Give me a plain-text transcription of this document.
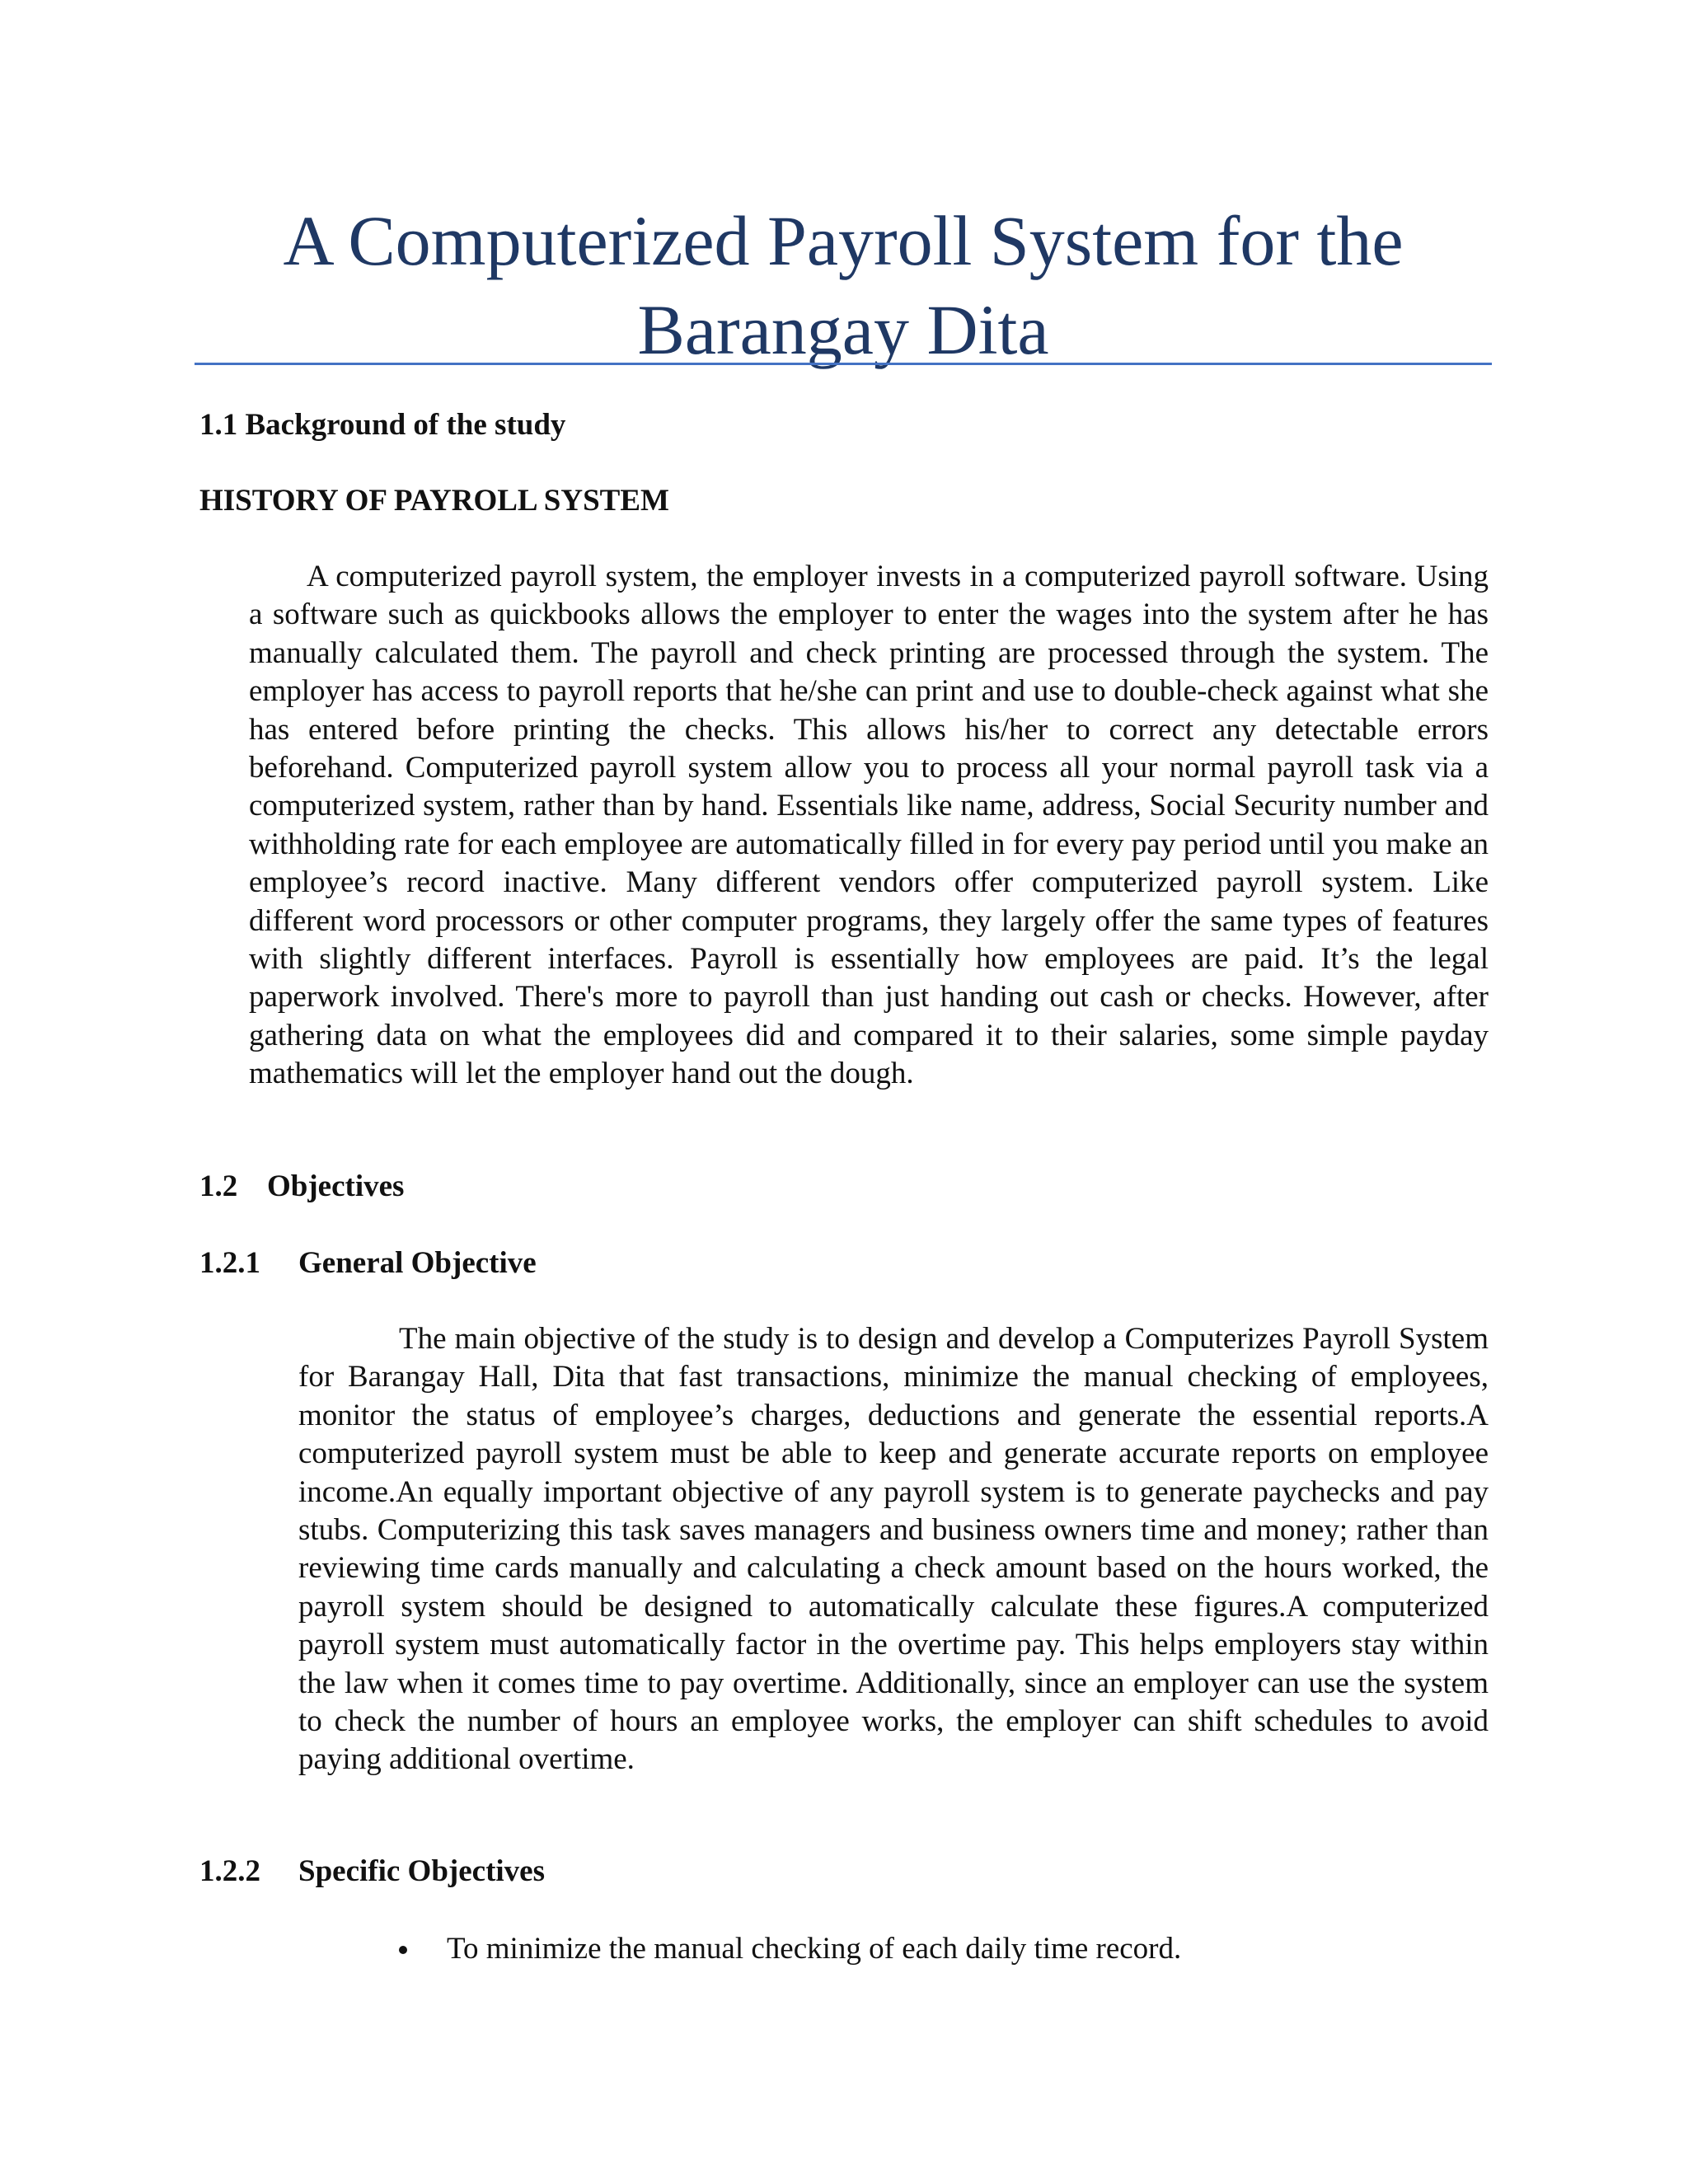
A Computerized Payroll System for the
Barangay Dita
1.1 Background of the study
HISTORY OF PAYROLL SYSTEM

A computerized payroll system, the employer invests in a computerized payroll software. Using a software such as quickbooks allows the employer to enter the wages into the system after he has manually calculated them. The payroll and check printing are processed through the system. The employer has access to payroll reports that he/she can print and use to double-check against what she has entered before printing the checks. This allows his/her to correct any detectable errors beforehand. Computerized payroll system allow you to process all your normal payroll task via a computerized system, rather than by hand. Essentials like name, address, Social Security number and withholding rate for each employee are automatically filled in for every pay period until you make an employee’s record inactive. Many different vendors offer computerized payroll system. Like different word processors or other computer programs, they largely offer the same types of features with slightly different interfaces. Payroll is essentially how employees are paid. It’s the legal paperwork involved. There's more to payroll than just handing out cash or checks. However, after gathering data on what the employees did and compared it to their salaries, some simple payday mathematics will let the employer hand out the dough.

1.2 Objectives
1.2.1 General Objective

The main objective of the study is to design and develop a Computerizes Payroll System for Barangay Hall, Dita that fast transactions, minimize the manual checking of employees, monitor the status of employee’s charges, deductions and generate the essential reports.A computerized payroll system must be able to keep and generate accurate reports on employee income.An equally important objective of any payroll system is to generate paychecks and pay stubs. Computerizing this task saves managers and business owners time and money; rather than reviewing time cards manually and calculating a check amount based on the hours worked, the payroll system should be designed to automatically calculate these figures.A computerized payroll system must automatically factor in the overtime pay. This helps employers stay within the law when it comes time to pay overtime. Additionally, since an employer can use the system to check the number of hours an employee works, the employer can shift schedules to avoid paying additional overtime.

1.2.2 Specific Objectives
To minimize the manual checking of each daily time record.
